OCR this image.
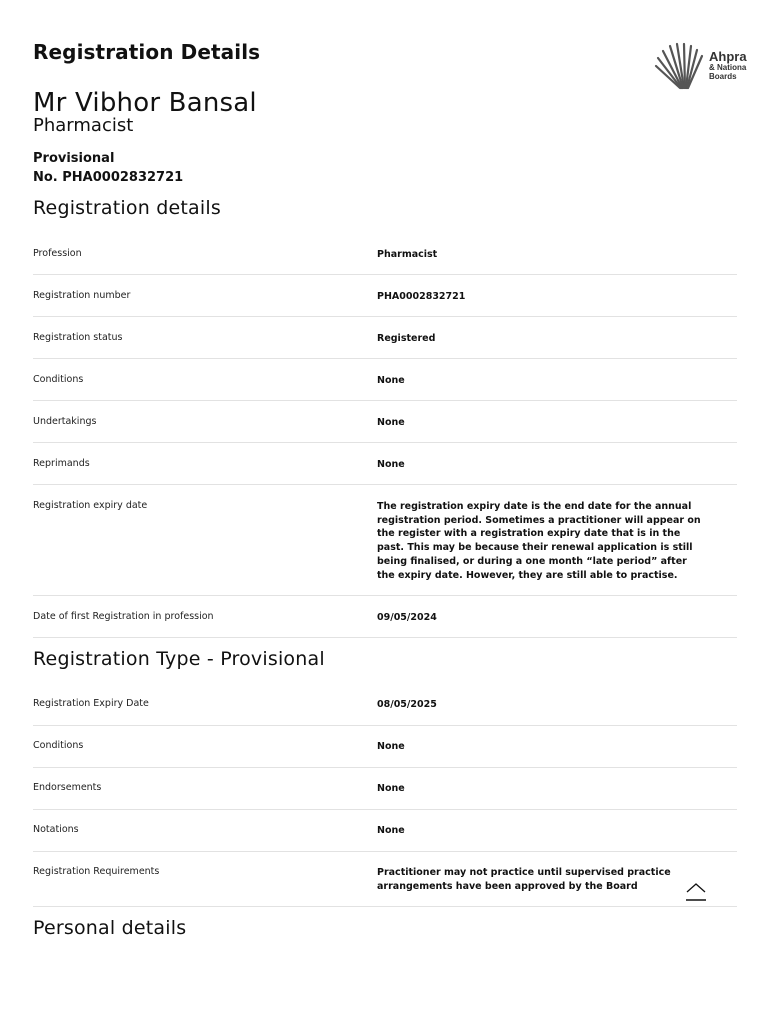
Registration Details	Ahpra
& Nationa
Boards
Mr Vibhor Bansal
Pharmacist
Provisional
No. PHA0002832721
Registration details
Profession	Pharmacist
Registration number	PHA0002832721
Registration status	Registered
Conditions	None
Undertakings	None
Reprimands	None
Registration expiry date	The registration expiry date is the end date for the annual registration period. Sometimes a practitioner will appear on the register with a registration expiry date that is in the past. This may be because their renewal application is still being finalised, or during a one month “late period” after the expiry date. However, they are still able to practise.
Date of first Registration in profession	09/05/2024
Registration Type - Provisional
Registration Expiry Date	08/05/2025
Conditions	None
Endorsements	None
Notations	None
Registration Requirements	Practitioner may not practice until supervised practice arrangements have been approved by the Board
Personal details
